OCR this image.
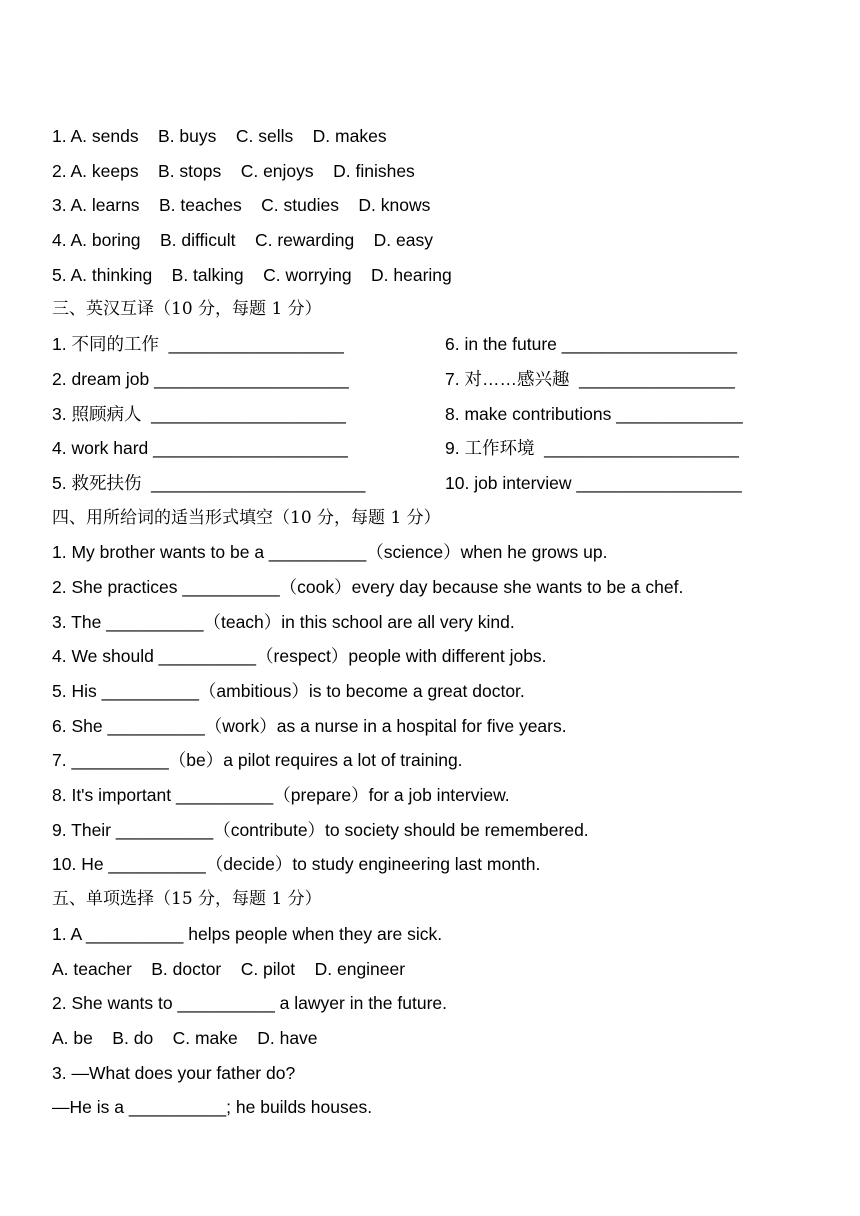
1. A. sends    B. buys    C. sells    D. makes
2. A. keeps    B. stops    C. enjoys    D. finishes
3. A. learns    B. teaches    C. studies    D. knows
4. A. boring    B. difficult    C. rewarding    D. easy
5. A. thinking    B. talking    C. worrying    D. hearing
三、英汉互译（10 分，每题 1 分）
1. 不同的工作  __________________	6. in the future __________________
2. dream job ____________________	7. 对……感兴趣  ________________
3. 照顾病人  ____________________	8. make contributions _____________
4. work hard ____________________	9. 工作环境  ____________________
5. 救死扶伤  ______________________	10. job interview _________________
四、用所给词的适当形式填空（10 分，每题 1 分）
1. My brother wants to be a __________（science）when he grows up.
2. She practices __________（cook）every day because she wants to be a chef.
3. The __________（teach）in this school are all very kind.
4. We should __________（respect）people with different jobs.
5. His __________（ambitious）is to become a great doctor.
6. She __________（work）as a nurse in a hospital for five years.
7. __________（be）a pilot requires a lot of training.
8. It's important __________（prepare）for a job interview.
9. Their __________（contribute）to society should be remembered.
10. He __________（decide）to study engineering last month.
五、单项选择（15 分，每题 1 分）
1. A __________ helps people when they are sick.
A. teacher    B. doctor    C. pilot    D. engineer
2. She wants to __________ a lawyer in the future.
A. be    B. do    C. make    D. have
3. —What does your father do?
—He is a __________; he builds houses.
